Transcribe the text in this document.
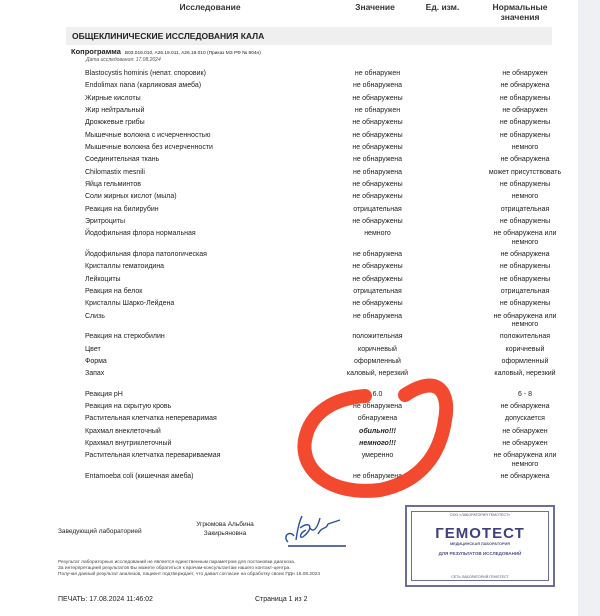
Исследование	Значение	Ед. изм.	Нормальные значения
ОБЩЕКЛИНИЧЕСКИЕ ИССЛЕДОВАНИЯ КАЛА
Копрограмма B03.016.010, A26.19.011, A26.19.010 (Приказ МЗ РФ № 804н)
Дата исследования: 17.08.2024
Blastocystis hominis (непат. споровик)	не обнаружен	не обнаружен
Endolimax nana (карликовая амеба)	не обнаружена	не обнаружена
Жирные кислоты	не обнаружены	не обнаружены
Жир нейтральный	не обнаружен	не обнаружен
Дрожжевые грибы	не обнаружены	не обнаружены
Мышечные волокна с исчерченностью	не обнаружены	не обнаружены
Мышечные волокна без исчерченности	не обнаружены	немного
Соединительная ткань	не обнаружена	не обнаружена
Chilomastix mesnili	не обнаружена	может присутствовать
Яйца гельминтов	не обнаружены	не обнаружены
Соли жирных кислот (мыла)	не обнаружены	немного
Реакция на билирубин	отрицательная	отрицательная
Эритроциты	не обнаружены	не обнаружены
Йодофильная флора нормальная	немного	не обнаружена или немного
Йодофильная флора патологическая	не обнаружена	не обнаружена
Кристаллы гематоидина	не обнаружены	не обнаружены
Лейкоциты	не обнаружены	не обнаружены
Реакция на белок	отрицательная	отрицательная
Кристаллы Шарко-Лейдена	не обнаружены	не обнаружены
Слизь	не обнаружена	не обнаружена или немного
Реакция на стеркобилин	положительная	положительная
Цвет	коричневый	коричневый
Форма	оформленный	оформленный
Запах	каловый, нерезкий	каловый, нерезкий
Реакция pH	6.0	6 - 8
Реакция на скрытую кровь	не обнаружена	не обнаружена
Растительная клетчатка непереваримая	обнаружена	допускается
Крахмал внеклеточный	обильно!!!	не обнаружен
Крахмал внутриклеточный	немного!!!	не обнаружен
Растительная клетчатка перевариваемая	умеренно	не обнаружена или немного
Entamoeba coli (кишечная амеба)	не обнаружена	не обнаружена
Заведующий лабораторией
Угрюмова Альбина Закирьяновна
Результат лабораторных исследований не является единственным параметром для постановки диагноза.
За интерпретацией результатов Вы можете обратиться к врачам-консультантам нашего контакт-центра.
Получая данный результат анализов, пациент подтверждает, что давал согласие на обработку своих ПДн 16.08.2024
ООО «ЛАБОРАТОРИЯ ГЕМОТЕСТ»
ГЕМОТЕСТ
МЕДИЦИНСКАЯ ЛАБОРАТОРИЯ
ДЛЯ РЕЗУЛЬТАТОВ ИССЛЕДОВАНИЙ
СЕТЬ ЛАБОРАТОРИЙ ГЕМОТЕСТ
ПЕЧАТЬ: 17.08.2024 11:46:02	Страница 1 из 2
